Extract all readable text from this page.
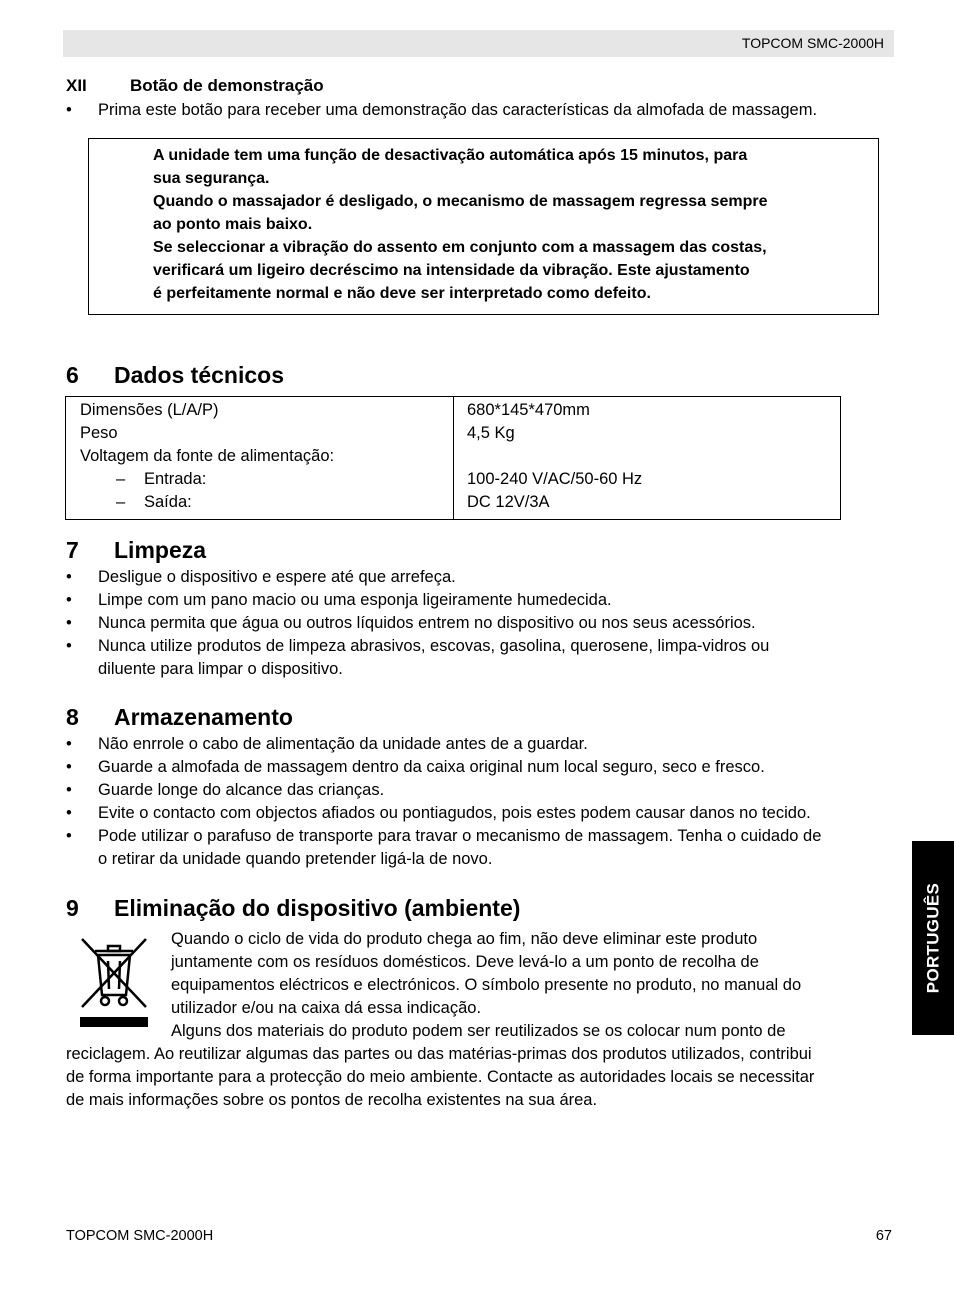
TOPCOM SMC-2000H
XII	Botão de demonstração
• Prima este botão para receber uma demonstração das características da almofada de massagem.
A unidade tem uma função de desactivação automática após 15 minutos, para
sua segurança.
Quando o massajador é desligado, o mecanismo de massagem regressa sempre
ao ponto mais baixo.
Se seleccionar a vibração do assento em conjunto com a massagem das costas,
verificará um ligeiro decréscimo na intensidade da vibração. Este ajustamento
é perfeitamente normal e não deve ser interpretado como defeito.
6 Dados técnicos
Dimensões (L/A/P)
Peso
Voltagem da fonte de alimentação:
– Entrada:
– Saída:
680*145*470mm
4,5 Kg
100-240 V/AC/50-60 Hz
DC 12V/3A
7 Limpeza
• Desligue o dispositivo e espere até que arrefeça.
• Limpe com um pano macio ou uma esponja ligeiramente humedecida.
• Nunca permita que água ou outros líquidos entrem no dispositivo ou nos seus acessórios.
• Nunca utilize produtos de limpeza abrasivos, escovas, gasolina, querosene, limpa-vidros ou
diluente para limpar o dispositivo.
8 Armazenamento
• Não enrrole o cabo de alimentação da unidade antes de a guardar.
• Guarde a almofada de massagem dentro da caixa original num local seguro, seco e fresco.
• Guarde longe do alcance das crianças.
• Evite o contacto com objectos afiados ou pontiagudos, pois estes podem causar danos no tecido.
• Pode utilizar o parafuso de transporte para travar o mecanismo de massagem. Tenha o cuidado de
o retirar da unidade quando pretender ligá-la de novo.
9 Eliminação do dispositivo (ambiente)
Quando o ciclo de vida do produto chega ao fim, não deve eliminar este produto
juntamente com os resíduos domésticos. Deve levá-lo a um ponto de recolha de
equipamentos eléctricos e electrónicos. O símbolo presente no produto, no manual do
utilizador e/ou na caixa dá essa indicação.
Alguns dos materiais do produto podem ser reutilizados se os colocar num ponto de
reciclagem. Ao reutilizar algumas das partes ou das matérias-primas dos produtos utilizados, contribui
de forma importante para a protecção do meio ambiente. Contacte as autoridades locais se necessitar
de mais informações sobre os pontos de recolha existentes na sua área.
PORTUGUÊS
TOPCOM SMC-2000H	67
